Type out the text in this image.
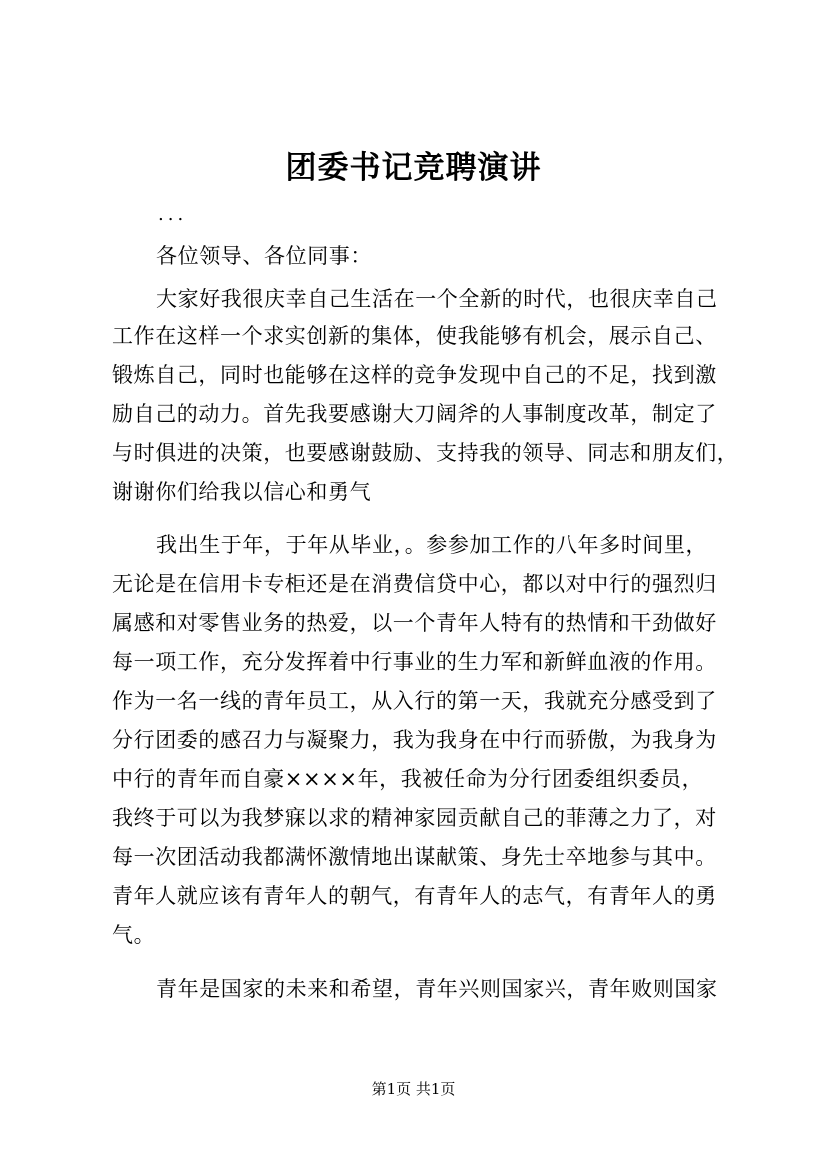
团委书记竞聘演讲
...
各位领导、各位同事：
大家好我很庆幸自己生活在一个全新的时代，也很庆幸自己
工作在这样一个求实创新的集体，使我能够有机会，展示自己、
锻炼自己，同时也能够在这样的竞争发现中自己的不足，找到激
励自己的动力。首先我要感谢大刀阔斧的人事制度改革，制定了
与时俱进的决策，也要感谢鼓励、支持我的领导、同志和朋友们，
谢谢你们给我以信心和勇气
我出生于年，于年从毕业，。参参加工作的八年多时间里，
无论是在信用卡专柜还是在消费信贷中心，都以对中行的强烈归
属感和对零售业务的热爱，以一个青年人特有的热情和干劲做好
每一项工作，充分发挥着中行事业的生力军和新鲜血液的作用。
作为一名一线的青年员工，从入行的第一天，我就充分感受到了
分行团委的感召力与凝聚力，我为我身在中行而骄傲，为我身为
中行的青年而自豪××××年，我被任命为分行团委组织委员，
我终于可以为我梦寐以求的精神家园贡献自己的菲薄之力了，对
每一次团活动我都满怀激情地出谋献策、身先士卒地参与其中。
青年人就应该有青年人的朝气，有青年人的志气，有青年人的勇
气。
青年是国家的未来和希望，青年兴则国家兴，青年败则国家
第1页 共1页
